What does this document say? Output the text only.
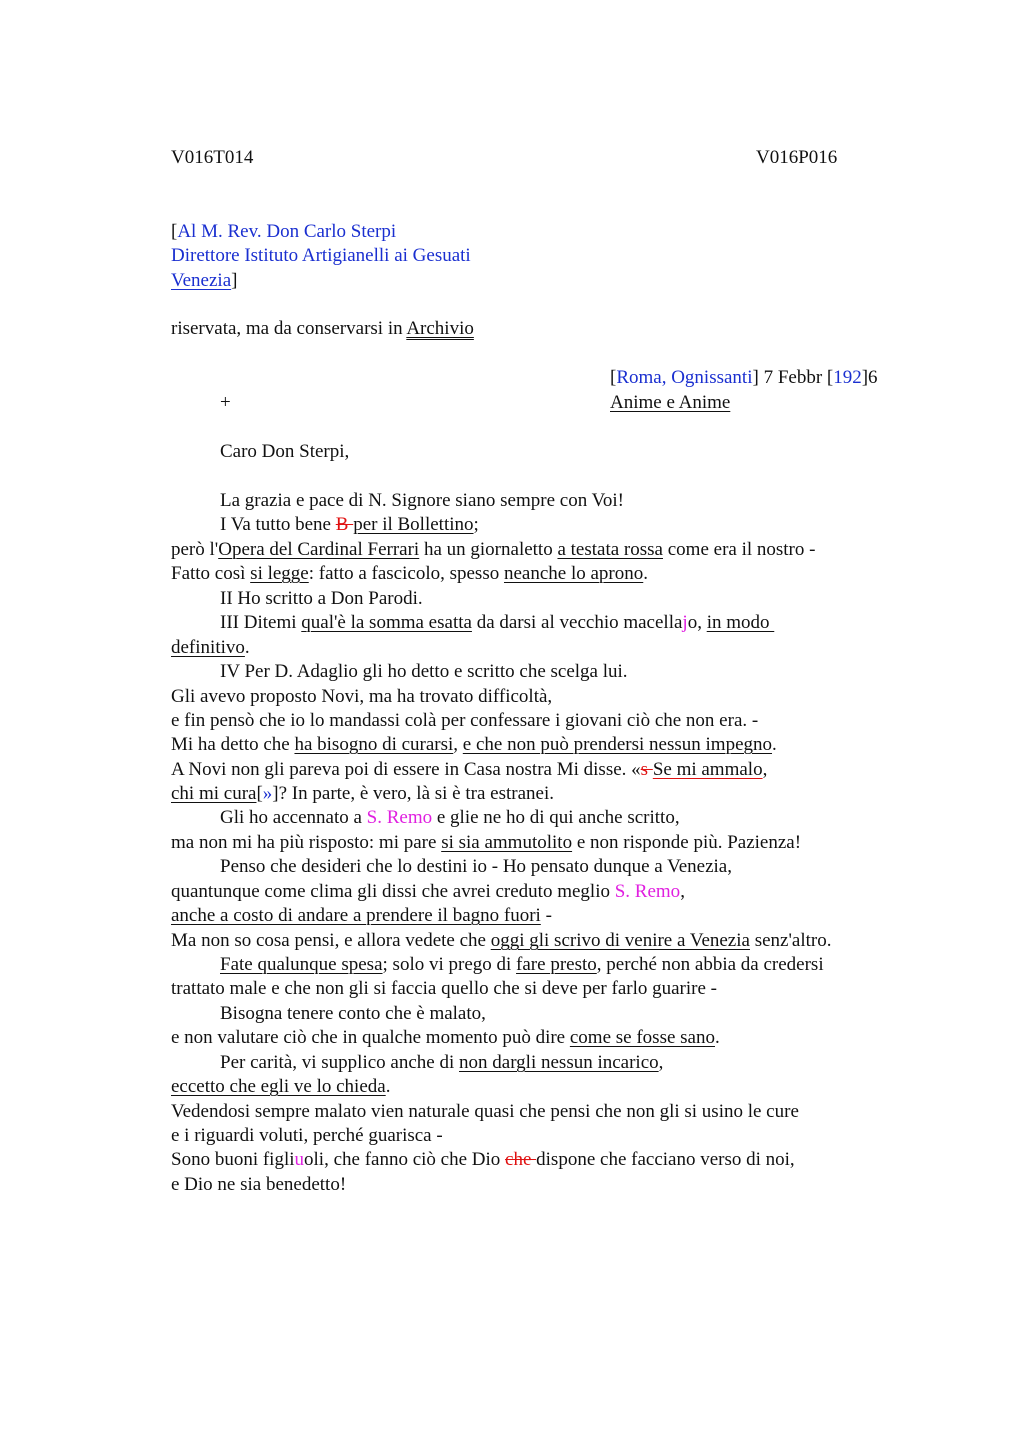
V016T014	V016P016
[Al M. Rev. Don Carlo Sterpi
Direttore Istituto Artigianelli ai Gesuati
Venezia]
riservata, ma da conservarsi in Archivio
[Roma, Ognissanti] 7 Febbr [192]6
+	Anime e Anime
Caro Don Sterpi,
La grazia e pace di N. Signore siano sempre con Voi!
I Va tutto bene B per il Bollettino;
però l'Opera del Cardinal Ferrari ha un giornaletto a testata rossa come era il nostro -
Fatto così si legge: fatto a fascicolo, spesso neanche lo aprono.
II Ho scritto a Don Parodi.
III Ditemi qual'è la somma esatta da darsi al vecchio macellajo, in modo
definitivo.
IV Per D. Adaglio gli ho detto e scritto che scelga lui.
Gli avevo proposto Novi, ma ha trovato difficoltà,
e fin pensò che io lo mandassi colà per confessare i giovani ciò che non era. -
Mi ha detto che ha bisogno di curarsi, e che non può prendersi nessun impegno.
A Novi non gli pareva poi di essere in Casa nostra Mi disse. «s Se mi ammalo,
chi mi cura[»]? In parte, è vero, là si è tra estranei.
Gli ho accennato a S. Remo e glie ne ho di qui anche scritto,
ma non mi ha più risposto: mi pare si sia ammutolito e non risponde più. Pazienza!
Penso che desideri che lo destini io - Ho pensato dunque a Venezia,
quantunque come clima gli dissi che avrei creduto meglio S. Remo,
anche a costo di andare a prendere il bagno fuori -
Ma non so cosa pensi, e allora vedete che oggi gli scrivo di venire a Venezia senz'altro.
Fate qualunque spesa; solo vi prego di fare presto, perché non abbia da credersi
trattato male e che non gli si faccia quello che si deve per farlo guarire -
Bisogna tenere conto che è malato,
e non valutare ciò che in qualche momento può dire come se fosse sano.
Per carità, vi supplico anche di non dargli nessun incarico,
eccetto che egli ve lo chieda.
Vedendosi sempre malato vien naturale quasi che pensi che non gli si usino le cure
e i riguardi voluti, perché guarisca -
Sono buoni figliuoli, che fanno ciò che Dio che dispone che facciano verso di noi,
e Dio ne sia benedetto!
